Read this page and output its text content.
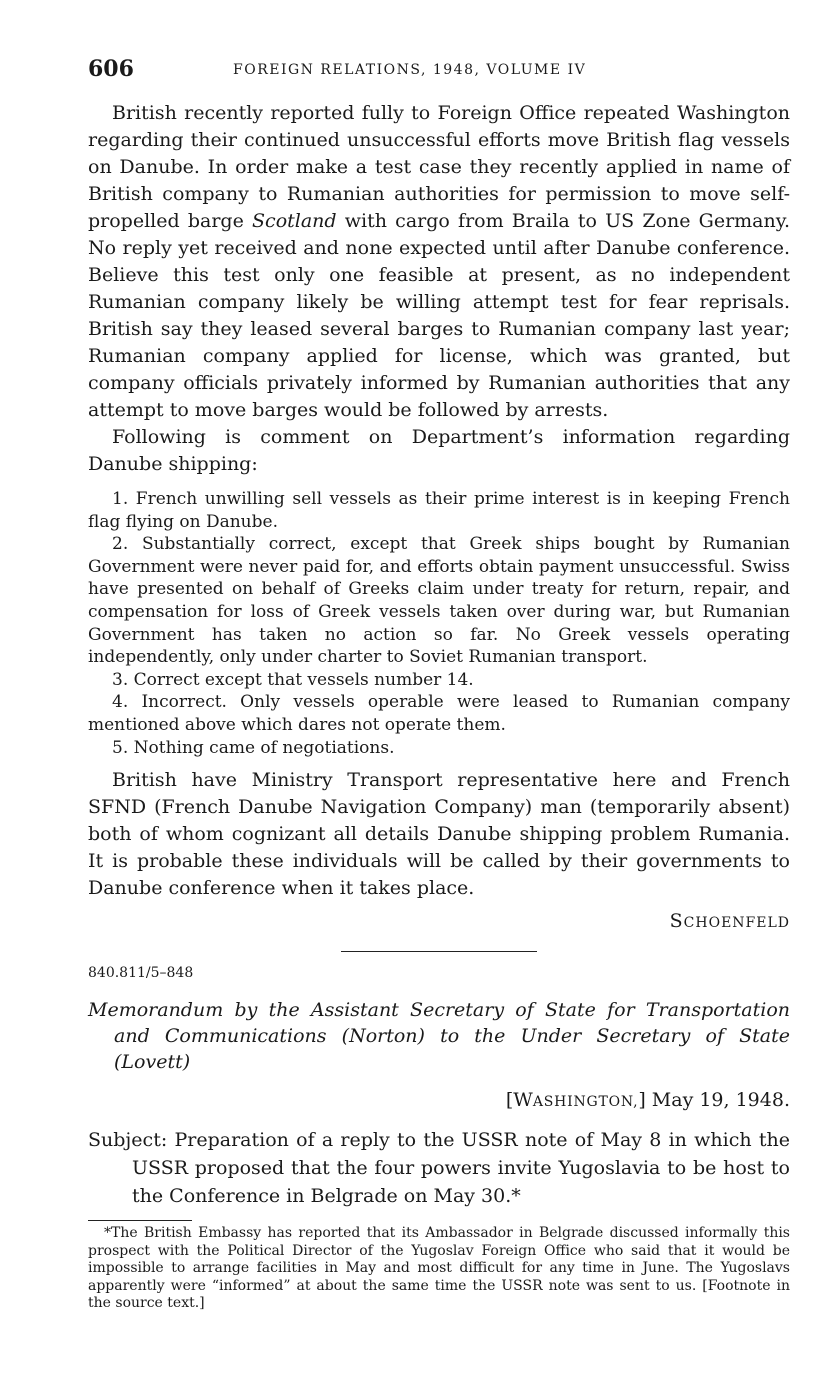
606	FOREIGN RELATIONS, 1948, VOLUME IV

British recently reported fully to Foreign Office repeated Washington regarding their continued unsuccessful efforts move British flag vessels on Danube. In order make a test case they recently applied in name of British company to Rumanian authorities for permission to move self-propelled barge Scotland with cargo from Braila to US Zone Germany. No reply yet received and none expected until after Danube conference. Believe this test only one feasible at present, as no independent Rumanian company likely be willing attempt test for fear reprisals. British say they leased several barges to Rumanian company last year; Rumanian company applied for license, which was granted, but company officials privately informed by Rumanian authorities that any attempt to move barges would be followed by arrests.

Following is comment on Department’s information regarding Danube shipping:

1. French unwilling sell vessels as their prime interest is in keeping French flag flying on Danube.

2. Substantially correct, except that Greek ships bought by Rumanian Government were never paid for, and efforts obtain payment unsuccessful. Swiss have presented on behalf of Greeks claim under treaty for return, repair, and compensation for loss of Greek vessels taken over during war, but Rumanian Government has taken no action so far. No Greek vessels operating independently, only under charter to Soviet Rumanian transport.

3. Correct except that vessels number 14.

4. Incorrect. Only vessels operable were leased to Rumanian company mentioned above which dares not operate them.

5. Nothing came of negotiations.

British have Ministry Transport representative here and French SFND (French Danube Navigation Company) man (temporarily absent) both of whom cognizant all details Danube shipping problem Rumania. It is probable these individuals will be called by their governments to Danube conference when it takes place.

SCHOENFELD
840.811/5–848
Memorandum by the Assistant Secretary of State for Transportation and Communications (Norton) to the Under Secretary of State (Lovett)
[WASHINGTON,] May 19, 1948.
Subject: Preparation of a reply to the USSR note of May 8 in which the USSR proposed that the four powers invite Yugoslavia to be host to the Conference in Belgrade on May 30.*
*The British Embassy has reported that its Ambassador in Belgrade discussed informally this prospect with the Political Director of the Yugoslav Foreign Office who said that it would be impossible to arrange facilities in May and most difficult for any time in June. The Yugoslavs apparently were “informed” at about the same time the USSR note was sent to us. [Footnote in the source text.]
